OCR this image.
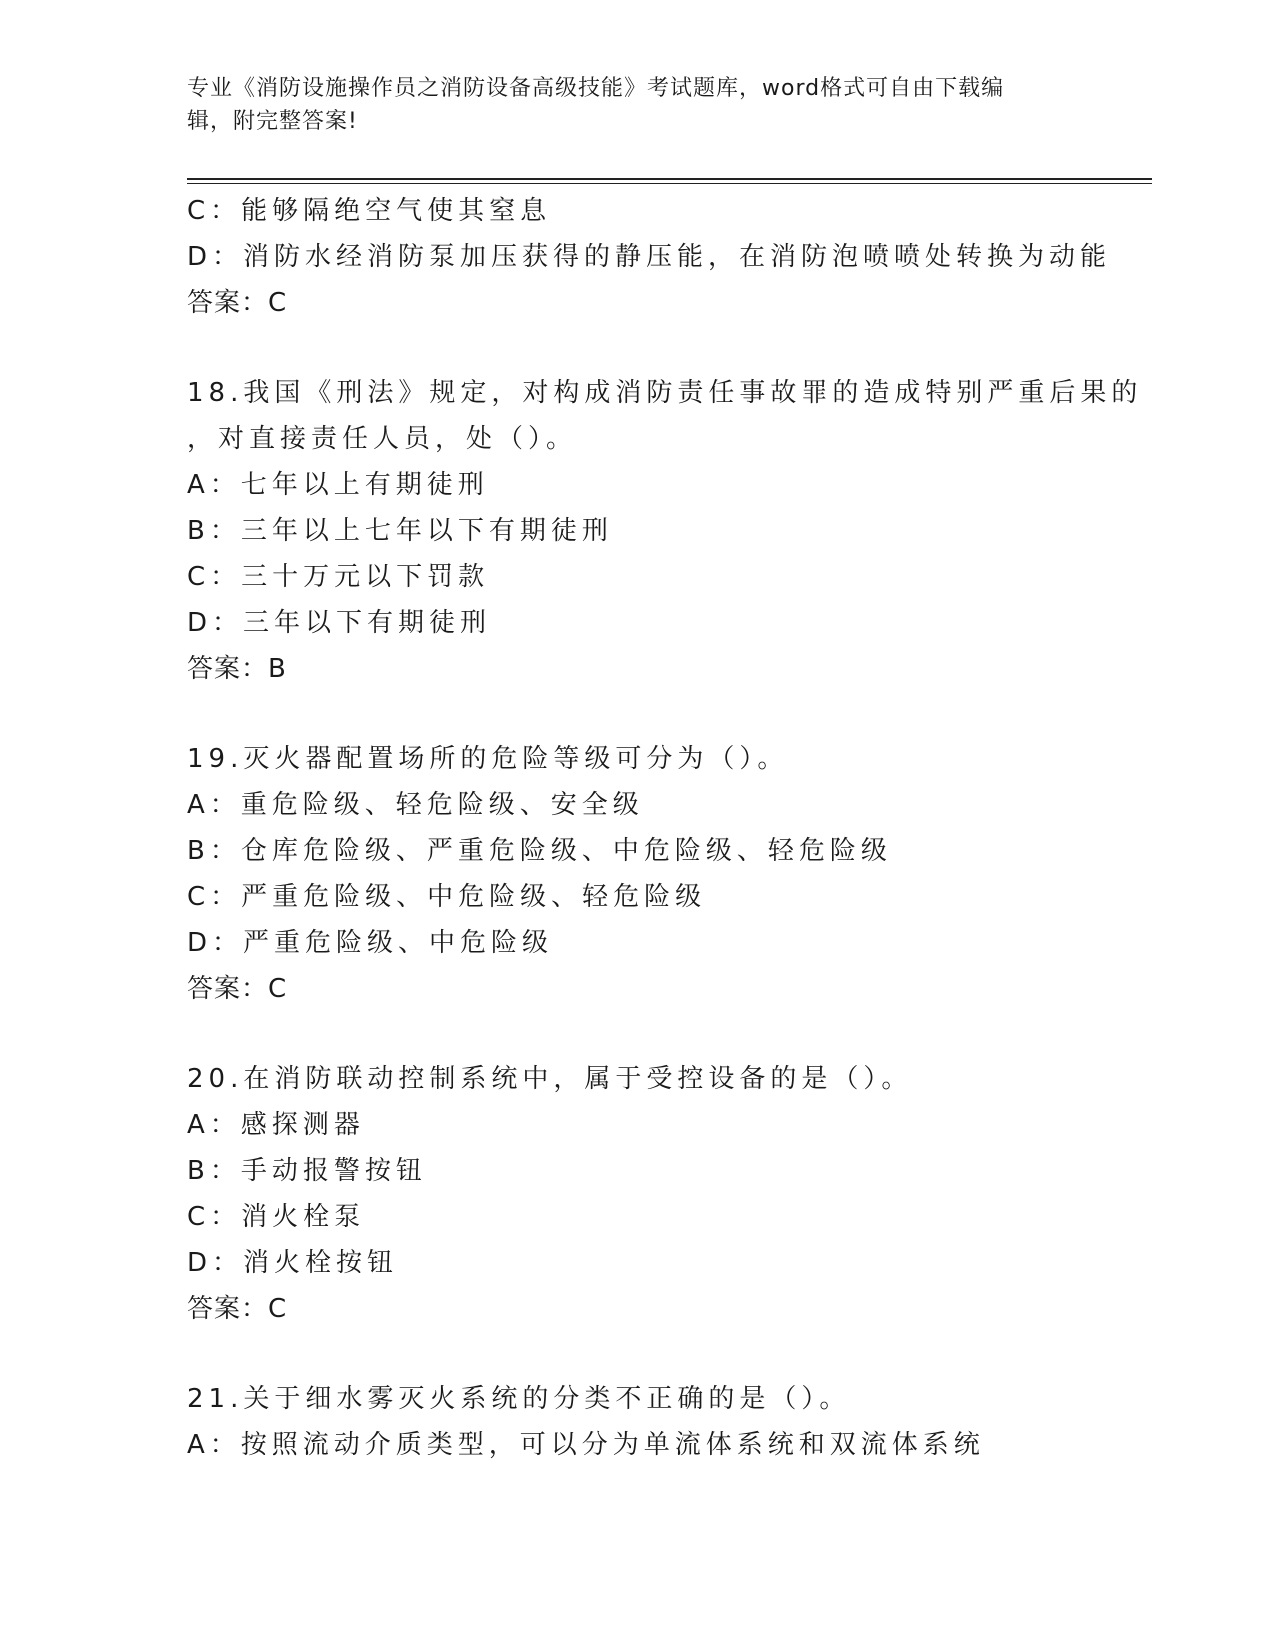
专业《消防设施操作员之消防设备高级技能》考试题库，word格式可自由下载编
辑，附完整答案!
C：能够隔绝空气使其窒息
D：消防水经消防泵加压获得的静压能，在消防泡喷喷处转换为动能
答案：C
18.我国《刑法》规定，对构成消防责任事故罪的造成特别严重后果的
，对直接责任人员，处（）。
A：七年以上有期徒刑
B：三年以上七年以下有期徒刑
C：三十万元以下罚款
D：三年以下有期徒刑
答案：B
19.灭火器配置场所的危险等级可分为（）。
A：重危险级、轻危险级、安全级
B：仓库危险级、严重危险级、中危险级、轻危险级
C：严重危险级、中危险级、轻危险级
D：严重危险级、中危险级
答案：C
20.在消防联动控制系统中，属于受控设备的是（）。
A：感探测器
B：手动报警按钮
C：消火栓泵
D：消火栓按钮
答案：C
21.关于细水雾灭火系统的分类不正确的是（）。
A：按照流动介质类型，可以分为单流体系统和双流体系统
